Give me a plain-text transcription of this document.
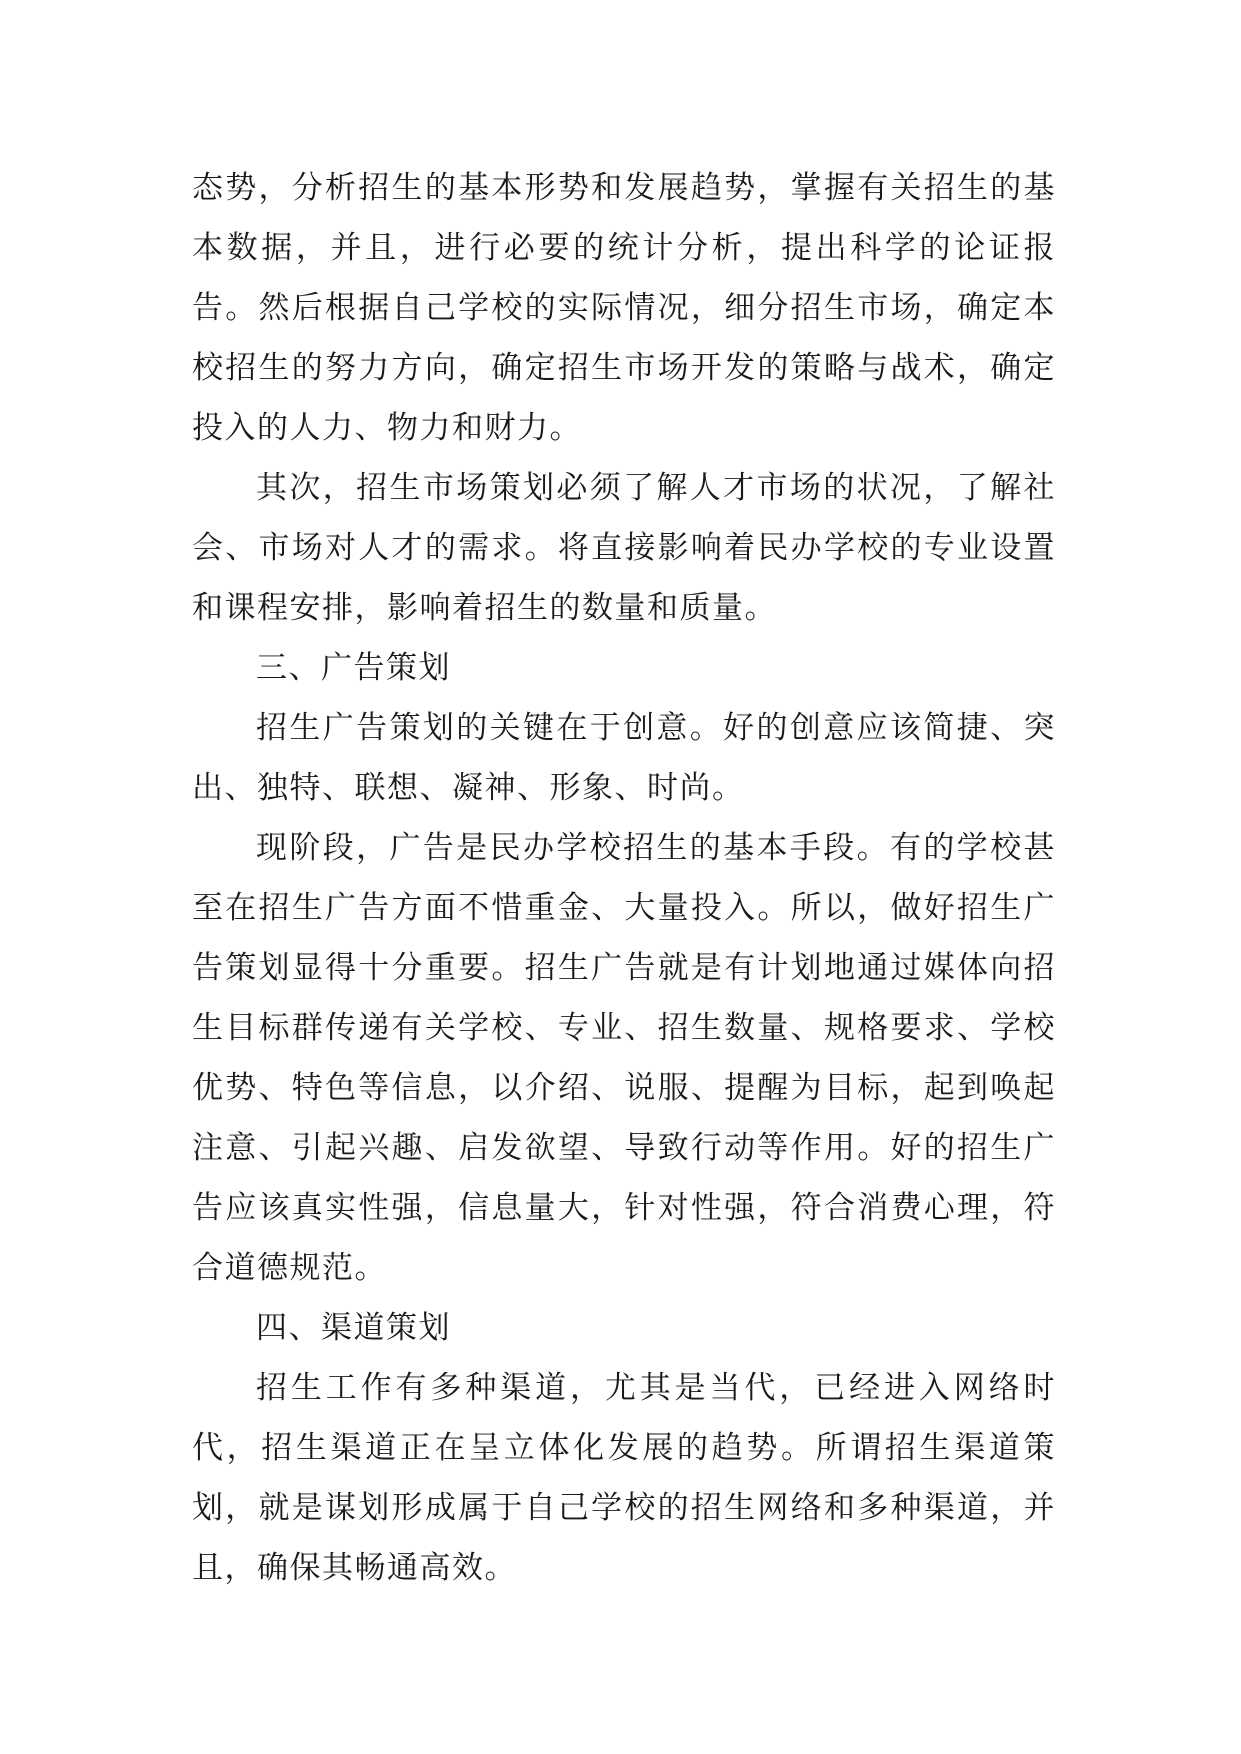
态势，分析招生的基本形势和发展趋势，掌握有关招生的基本数据，并且，进行必要的统计分析，提出科学的论证报告。然后根据自己学校的实际情况，细分招生市场，确定本校招生的努力方向，确定招生市场开发的策略与战术，确定投入的人力、物力和财力。

其次，招生市场策划必须了解人才市场的状况，了解社会、市场对人才的需求。将直接影响着民办学校的专业设置和课程安排，影响着招生的数量和质量。

三、广告策划

招生广告策划的关键在于创意。好的创意应该简捷、突出、独特、联想、凝神、形象、时尚。

现阶段，广告是民办学校招生的基本手段。有的学校甚至在招生广告方面不惜重金、大量投入。所以，做好招生广告策划显得十分重要。招生广告就是有计划地通过媒体向招生目标群传递有关学校、专业、招生数量、规格要求、学校优势、特色等信息，以介绍、说服、提醒为目标，起到唤起注意、引起兴趣、启发欲望、导致行动等作用。好的招生广告应该真实性强，信息量大，针对性强，符合消费心理，符合道德规范。

四、渠道策划

招生工作有多种渠道，尤其是当代，已经进入网络时代，招生渠道正在呈立体化发展的趋势。所谓招生渠道策划，就是谋划形成属于自己学校的招生网络和多种渠道，并且，确保其畅通高效。
